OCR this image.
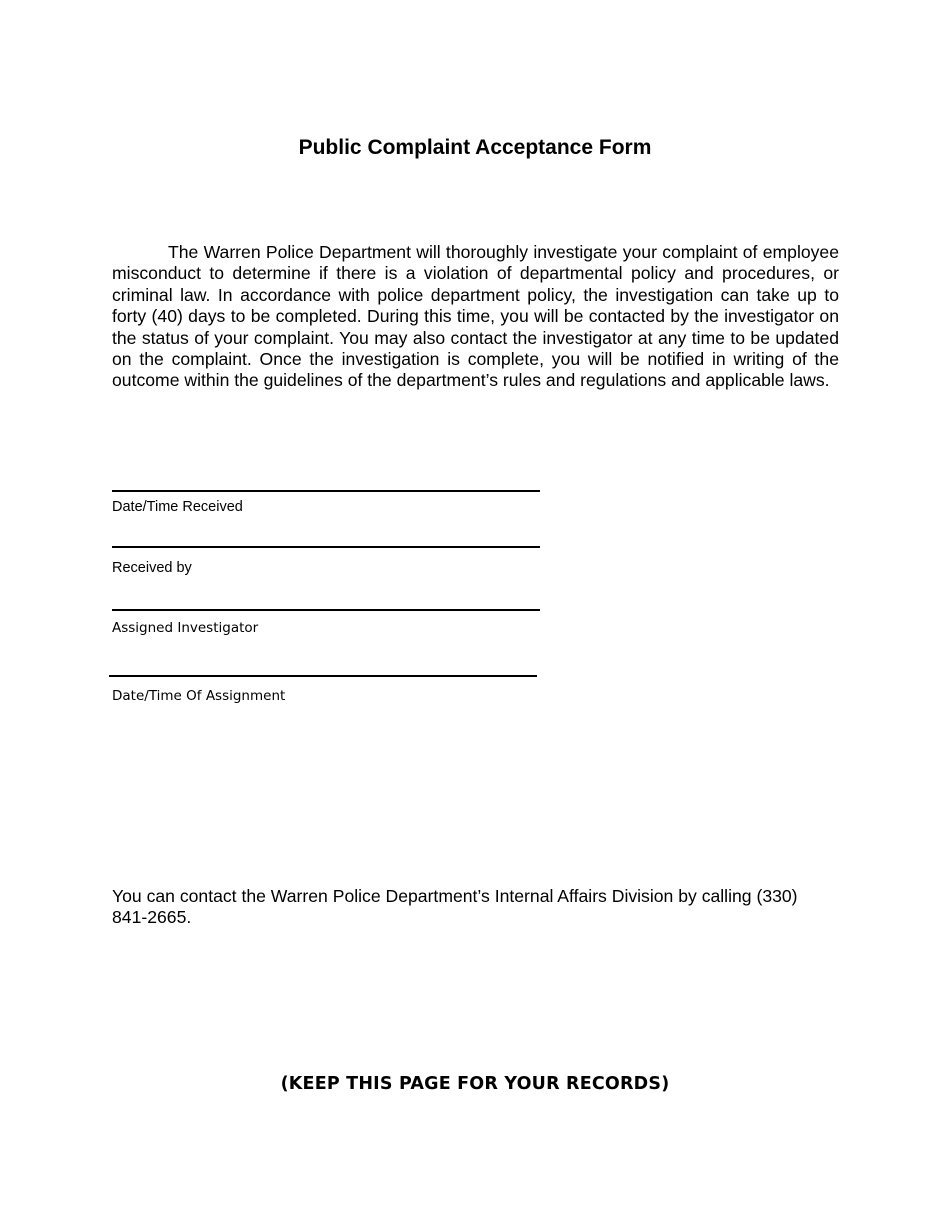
Public Complaint Acceptance Form

The Warren Police Department will thoroughly investigate your complaint of employee misconduct to determine if there is a violation of departmental policy and procedures, or criminal law. In accordance with police department policy, the investigation can take up to forty (40) days to be completed. During this time, you will be contacted by the investigator on the status of your complaint. You may also contact the investigator at any time to be updated on the complaint. Once the investigation is complete, you will be notified in writing of the outcome within the guidelines of the department’s rules and regulations and applicable laws.

Date/Time Received
Received by
Assigned Investigator
Date/Time Of Assignment

You can contact the Warren Police Department’s Internal Affairs Division by calling (330) 841-2665.

(KEEP THIS PAGE FOR YOUR RECORDS)
